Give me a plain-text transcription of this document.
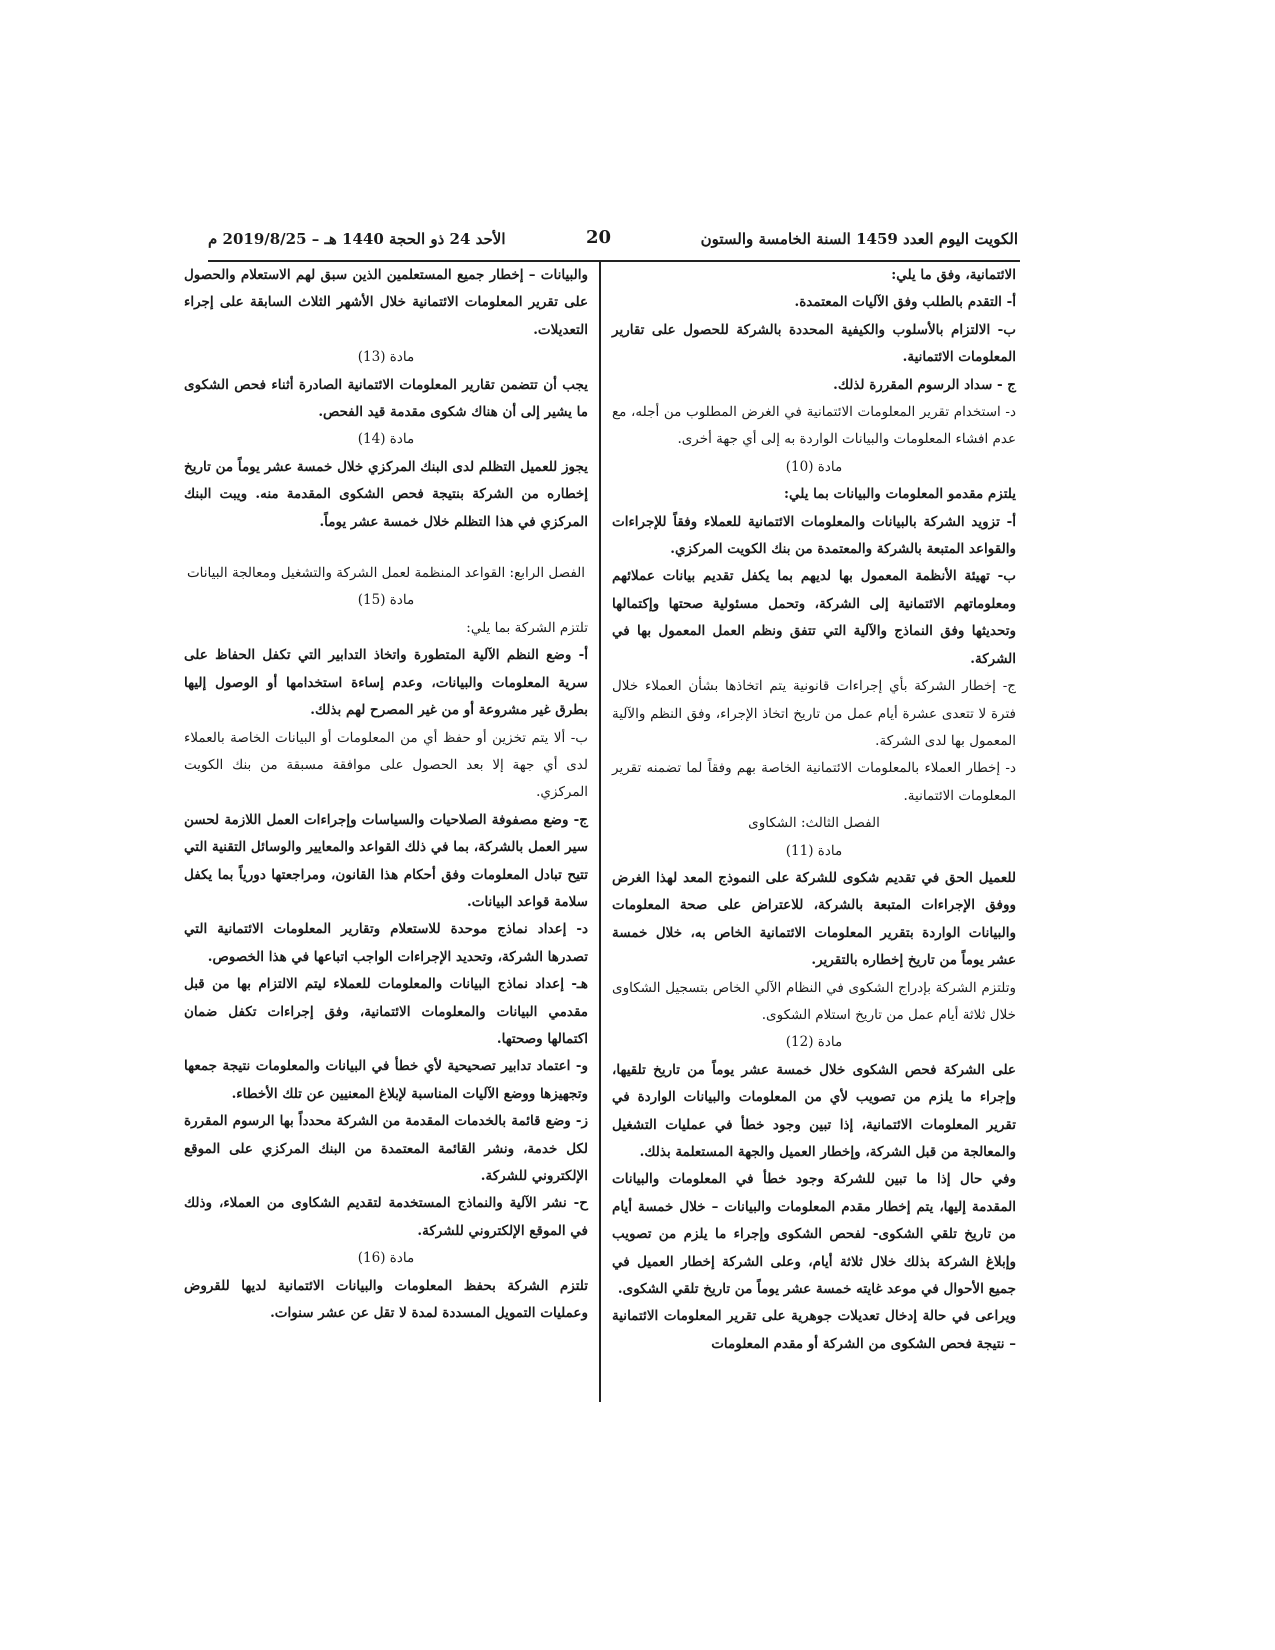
الكويت اليوم العدد 1459 السنة الخامسة والستون
20
الأحد 24 ذو الحجة 1440 هـ – 2019/8/25 م

الائتمانية، وفق ما يلي:

أ- التقدم بالطلب وفق الآليات المعتمدة.

ب- الالتزام بالأسلوب والكيفية المحددة بالشركة للحصول على تقارير المعلومات الائتمانية.

ج - سداد الرسوم المقررة لذلك.

د- استخدام تقرير المعلومات الائتمانية في الغرض المطلوب من أجله، مع عدم افشاء المعلومات والبيانات الواردة به إلى أي جهة أخرى.

مادة (10)

يلتزم مقدمو المعلومات والبيانات بما يلي:

أ- تزويد الشركة بالبيانات والمعلومات الائتمانية للعملاء وفقاً للإجراءات والقواعد المتبعة بالشركة والمعتمدة من بنك الكويت المركزي.

ب- تهيئة الأنظمة المعمول بها لديهم بما يكفل تقديم بيانات عملائهم ومعلوماتهم الائتمانية إلى الشركة، وتحمل مسئولية صحتها وإكتمالها وتحديثها وفق النماذج والآلية التي تتفق ونظم العمل المعمول بها في الشركة.

ج- إخطار الشركة بأي إجراءات قانونية يتم اتخاذها بشأن العملاء خلال فترة لا تتعدى عشرة أيام عمل من تاريخ اتخاذ الإجراء، وفق النظم والآلية المعمول بها لدى الشركة.

د- إخطار العملاء بالمعلومات الائتمانية الخاصة بهم وفقاً لما تضمنه تقرير المعلومات الائتمانية.

الفصل الثالث: الشكاوى

مادة (11)

للعميل الحق في تقديم شكوى للشركة على النموذج المعد لهذا الغرض ووفق الإجراءات المتبعة بالشركة، للاعتراض على صحة المعلومات والبيانات الواردة بتقرير المعلومات الائتمانية الخاص به، خلال خمسة عشر يوماً من تاريخ إخطاره بالتقرير.

وتلتزم الشركة بإدراج الشكوى في النظام الآلي الخاص بتسجيل الشكاوى خلال ثلاثة أيام عمل من تاريخ استلام الشكوى.

مادة (12)

على الشركة فحص الشكوى خلال خمسة عشر يوماً من تاريخ تلقيها، وإجراء ما يلزم من تصويب لأي من المعلومات والبيانات الواردة في تقرير المعلومات الائتمانية، إذا تبين وجود خطأ في عمليات التشغيل والمعالجة من قبل الشركة، وإخطار العميل والجهة المستعلمة بذلك.

وفي حال إذا ما تبين للشركة وجود خطأ في المعلومات والبيانات المقدمة إليها، يتم إخطار مقدم المعلومات والبيانات – خلال خمسة أيام من تاريخ تلقي الشكوى- لفحص الشكوى وإجراء ما يلزم من تصويب وإبلاغ الشركة بذلك خلال ثلاثة أيام، وعلى الشركة إخطار العميل في جميع الأحوال في موعد غايته خمسة عشر يوماً من تاريخ تلقي الشكوى.

ويراعى في حالة إدخال تعديلات جوهرية على تقرير المعلومات الائتمانية – نتيجة فحص الشكوى من الشركة أو مقدم المعلومات

والبيانات – إخطار جميع المستعلمين الذين سبق لهم الاستعلام والحصول على تقرير المعلومات الائتمانية خلال الأشهر الثلاث السابقة على إجراء التعديلات.

مادة (13)

يجب أن تتضمن تقارير المعلومات الائتمانية الصادرة أثناء فحص الشكوى ما يشير إلى أن هناك شكوى مقدمة قيد الفحص.

مادة (14)

يجوز للعميل التظلم لدى البنك المركزي خلال خمسة عشر يوماً من تاريخ إخطاره من الشركة بنتيجة فحص الشكوى المقدمة منه. ويبت البنك المركزي في هذا التظلم خلال خمسة عشر يوماً.

الفصل الرابع: القواعد المنظمة لعمل الشركة والتشغيل ومعالجة البيانات

مادة (15)

تلتزم الشركة بما يلي:

أ- وضع النظم الآلية المتطورة واتخاذ التدابير التي تكفل الحفاظ على سرية المعلومات والبيانات، وعدم إساءة استخدامها أو الوصول إليها بطرق غير مشروعة أو من غير المصرح لهم بذلك.

ب- ألا يتم تخزين أو حفظ أي من المعلومات أو البيانات الخاصة بالعملاء لدى أي جهة إلا بعد الحصول على موافقة مسبقة من بنك الكويت المركزي.

ج- وضع مصفوفة الصلاحيات والسياسات وإجراءات العمل اللازمة لحسن سير العمل بالشركة، بما في ذلك القواعد والمعايير والوسائل التقنية التي تتيح تبادل المعلومات وفق أحكام هذا القانون، ومراجعتها دورياً بما يكفل سلامة قواعد البيانات.

د- إعداد نماذج موحدة للاستعلام وتقارير المعلومات الائتمانية التي تصدرها الشركة، وتحديد الإجراءات الواجب اتباعها في هذا الخصوص.

هـ- إعداد نماذج البيانات والمعلومات للعملاء ليتم الالتزام بها من قبل مقدمي البيانات والمعلومات الائتمانية، وفق إجراءات تكفل ضمان اكتمالها وصحتها.

و- اعتماد تدابير تصحيحية لأي خطأ في البيانات والمعلومات نتيجة جمعها وتجهيزها ووضع الآليات المناسبة لإبلاغ المعنيين عن تلك الأخطاء.

ز- وضع قائمة بالخدمات المقدمة من الشركة محدداً بها الرسوم المقررة لكل خدمة، ونشر القائمة المعتمدة من البنك المركزي على الموقع الإلكتروني للشركة.

ح- نشر الآلية والنماذج المستخدمة لتقديم الشكاوى من العملاء، وذلك في الموقع الإلكتروني للشركة.

مادة (16)

تلتزم الشركة بحفظ المعلومات والبيانات الائتمانية لديها للقروض وعمليات التمويل المسددة لمدة لا تقل عن عشر سنوات.
